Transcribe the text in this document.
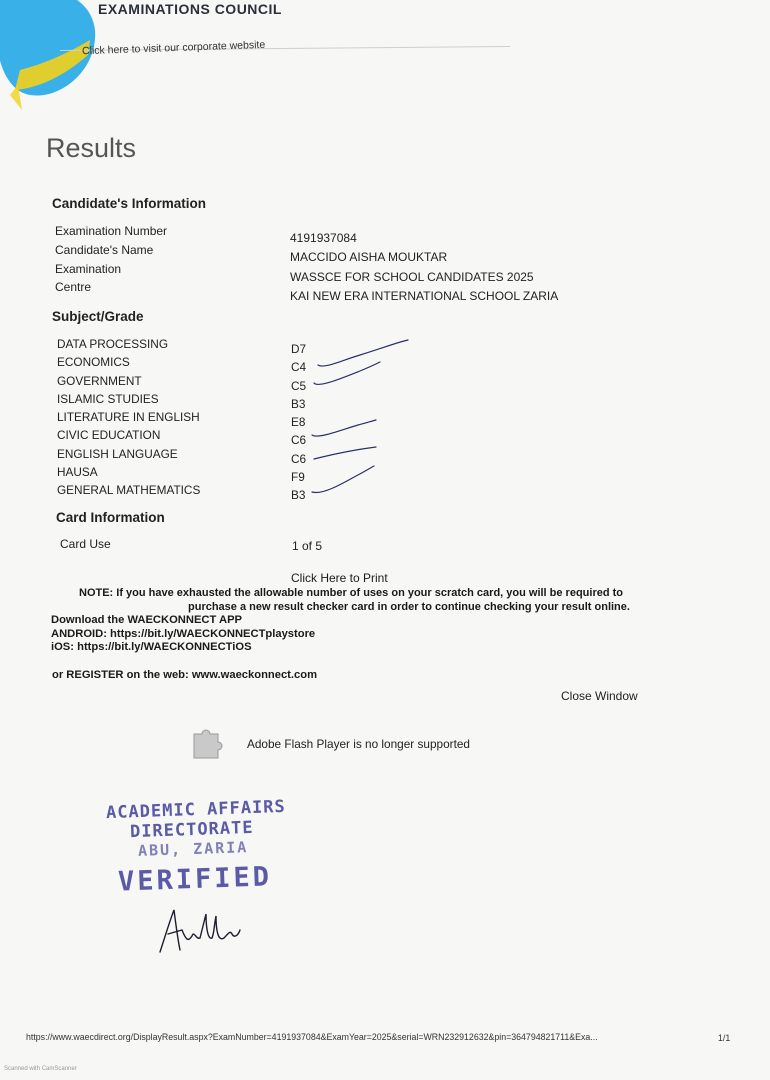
EXAMINATIONS COUNCIL
Click here to visit our corporate website
Results
Candidate's Information
Examination Number
Candidate's Name
Examination
Centre
4191937084
MACCIDO AISHA MOUKTAR
WASSCE FOR SCHOOL CANDIDATES 2025
KAI NEW ERA INTERNATIONAL SCHOOL ZARIA
Subject/Grade
DATA PROCESSING
ECONOMICS
GOVERNMENT
ISLAMIC STUDIES
LITERATURE IN ENGLISH
CIVIC EDUCATION
ENGLISH LANGUAGE
HAUSA
GENERAL MATHEMATICS
D7
C4
C5
B3
E8
C6
C6
F9
B3
Card Information
Card Use	1 of 5
Click Here to Print
NOTE: If you have exhausted the allowable number of uses on your scratch card, you will be required to
purchase a new result checker card in order to continue checking your result online.
Download the WAECKONNECT APP
ANDROID: https://bit.ly/WAECKONNECTplaystore
iOS: https://bit.ly/WAECKONNECTiOS
or REGISTER on the web: www.waeckonnect.com
Close Window
Adobe Flash Player is no longer supported
ACADEMIC AFFAIRS
DIRECTORATE
ABU, ZARIA
VERIFIED
https://www.waecdirect.org/DisplayResult.aspx?ExamNumber=4191937084&ExamYear=2025&serial=WRN232912632&pin=364794821711&Exa...	1/1
Scanned with CamScanner
